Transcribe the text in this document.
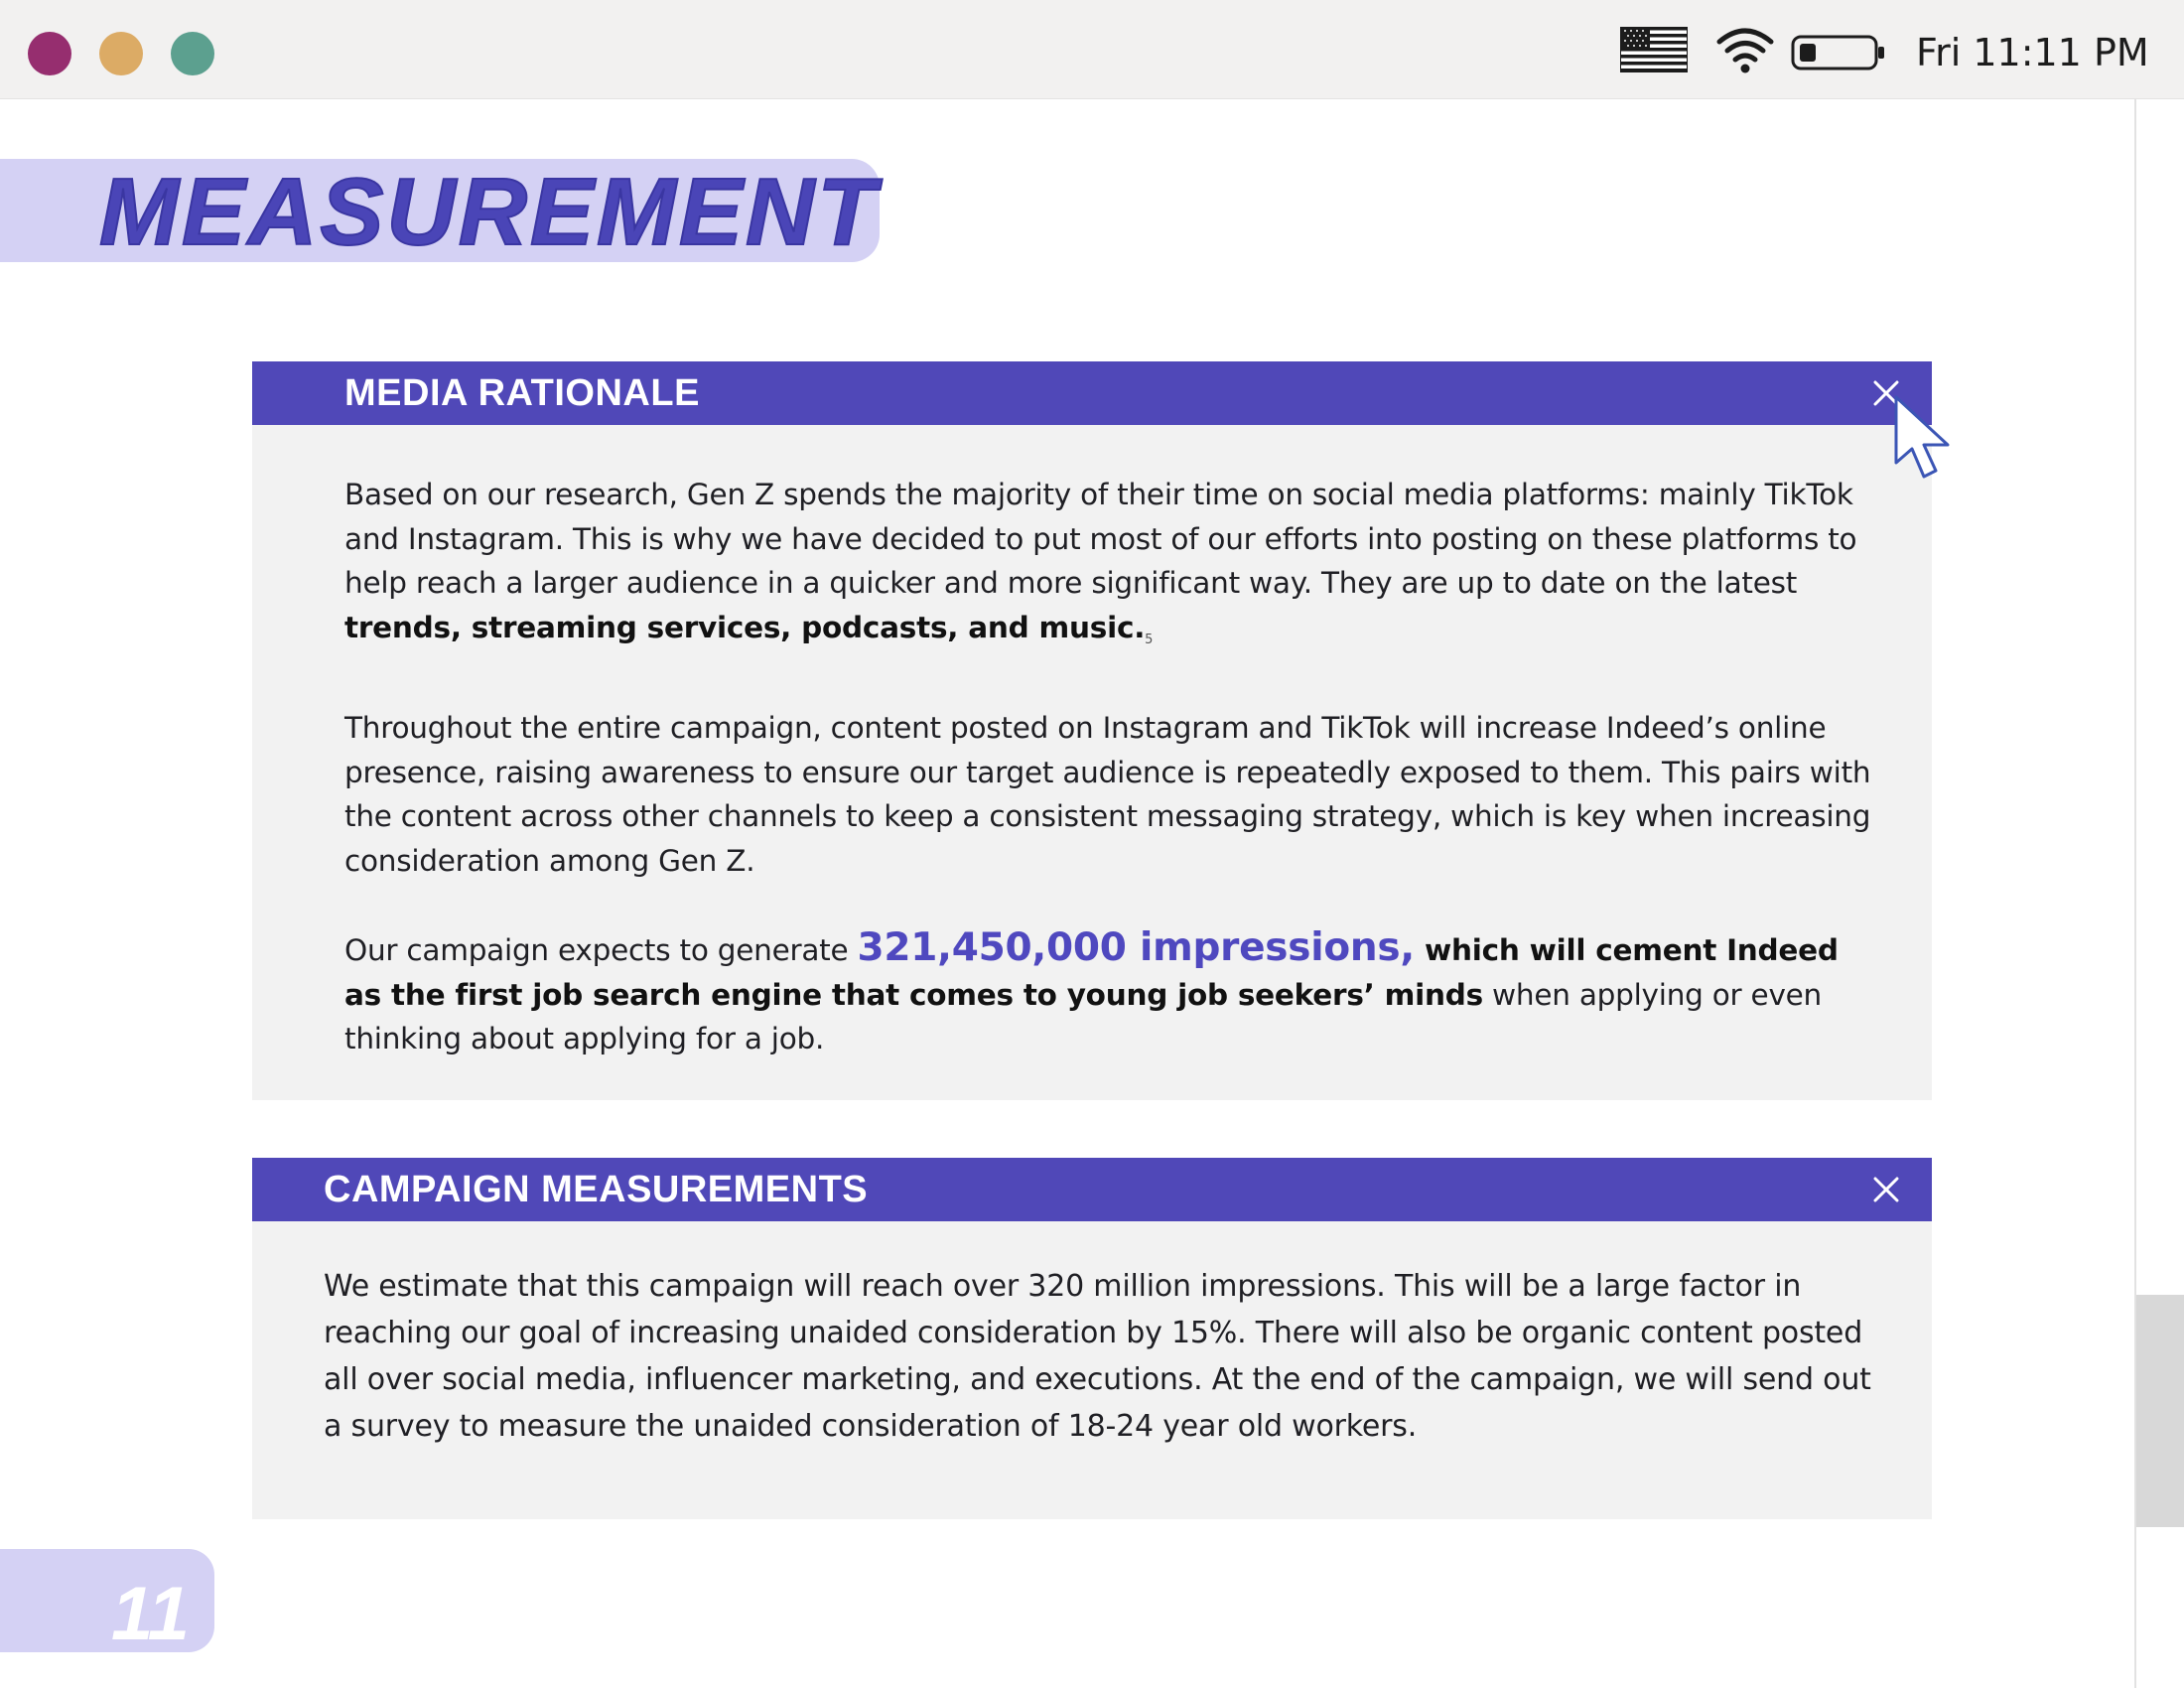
Fri 11:11 PM
MEASUREMENT
MEDIA RATIONALE

Based on our research, Gen Z spends the majority of their time on social media platforms: mainly TikTok and Instagram. This is why we have decided to put most of our efforts into posting on these platforms to help reach a larger audience in a quicker and more significant way. They are up to date on the latest trends, streaming services, podcasts, and $music._5$

Throughout the entire campaign, content posted on Instagram and TikTok will increase Indeed’s online presence, raising awareness to ensure our target audience is repeatedly exposed to them. This pairs with the content across other channels to keep a consistent messaging strategy, which is key when increasing consideration among Gen Z.

Our campaign expects to generate 321,450,000 impressions, which will cement Indeed as the first job search engine that comes to young job seekers’ minds when applying or even thinking about applying for a job.

CAMPAIGN MEASUREMENTS

We estimate that this campaign will reach over 320 million impressions. This will be a large factor in reaching our goal of increasing unaided consideration by 15%. There will also be organic content posted all over social media, influencer marketing, and executions. At the end of the campaign, we will send out a survey to measure the unaided consideration of 18-24 year old workers.

11
